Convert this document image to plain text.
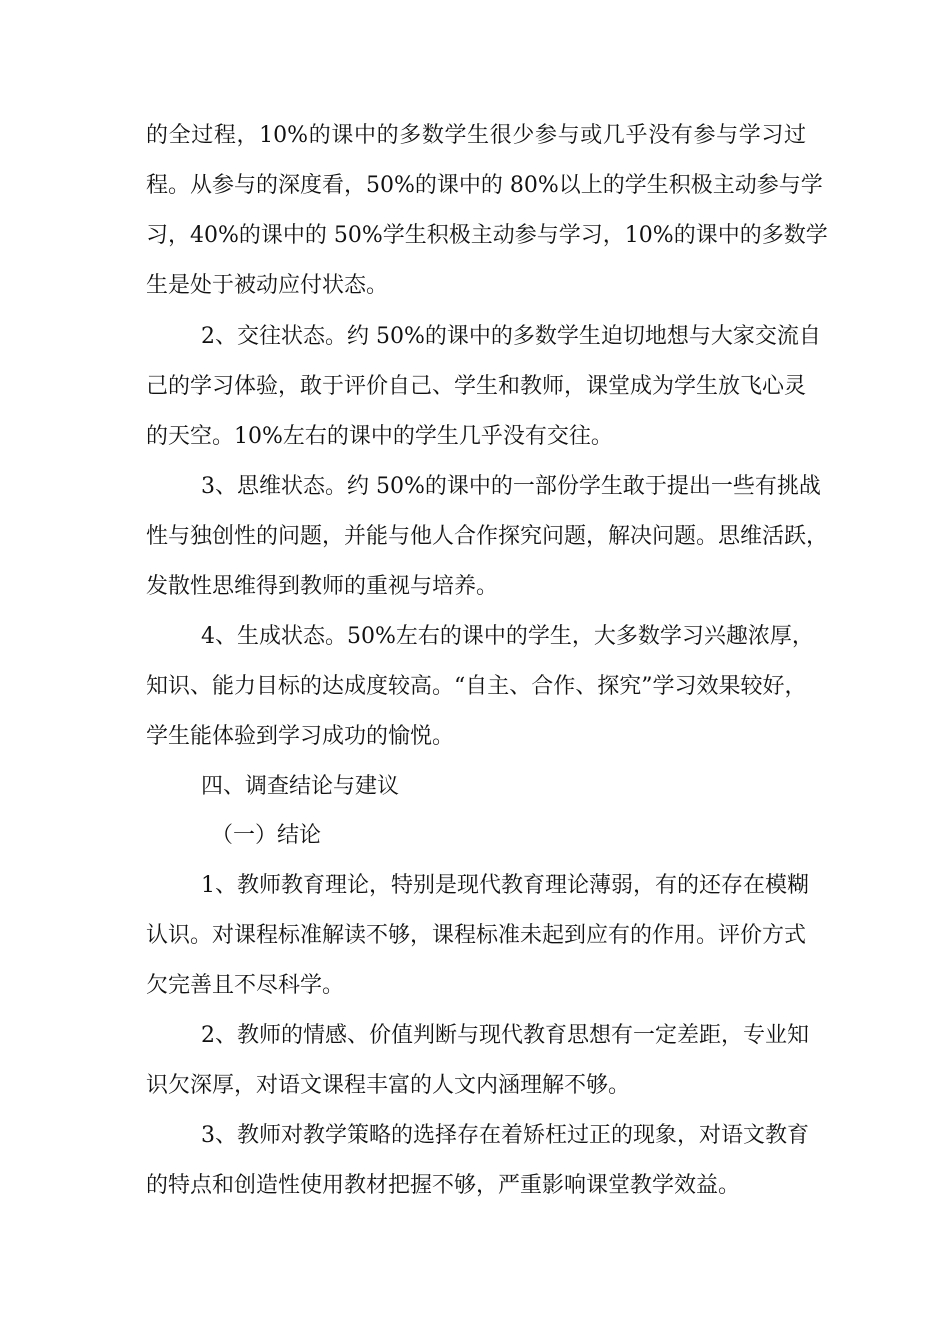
的全过程，10%的课中的多数学生很少参与或几乎没有参与学习过
程。从参与的深度看，50%的课中的 80%以上的学生积极主动参与学
习，40%的课中的 50%学生积极主动参与学习，10%的课中的多数学
生是处于被动应付状态。
2、交往状态。约 50%的课中的多数学生迫切地想与大家交流自
己的学习体验，敢于评价自己、学生和教师，课堂成为学生放飞心灵
的天空。10%左右的课中的学生几乎没有交往。
3、思维状态。约 50%的课中的一部份学生敢于提出一些有挑战
性与独创性的问题，并能与他人合作探究问题，解决问题。思维活跃，
发散性思维得到教师的重视与培养。
4、生成状态。50%左右的课中的学生，大多数学习兴趣浓厚，
知识、能力目标的达成度较高。“自主、合作、探究”学习效果较好，
学生能体验到学习成功的愉悦。
四、调查结论与建议
（一）结论
1、教师教育理论，特别是现代教育理论薄弱，有的还存在模糊
认识。对课程标准解读不够，课程标准未起到应有的作用。评价方式
欠完善且不尽科学。
2、教师的情感、价值判断与现代教育思想有一定差距，专业知
识欠深厚，对语文课程丰富的人文内涵理解不够。
3、教师对教学策略的选择存在着矫枉过正的现象，对语文教育
的特点和创造性使用教材把握不够，严重影响课堂教学效益。
